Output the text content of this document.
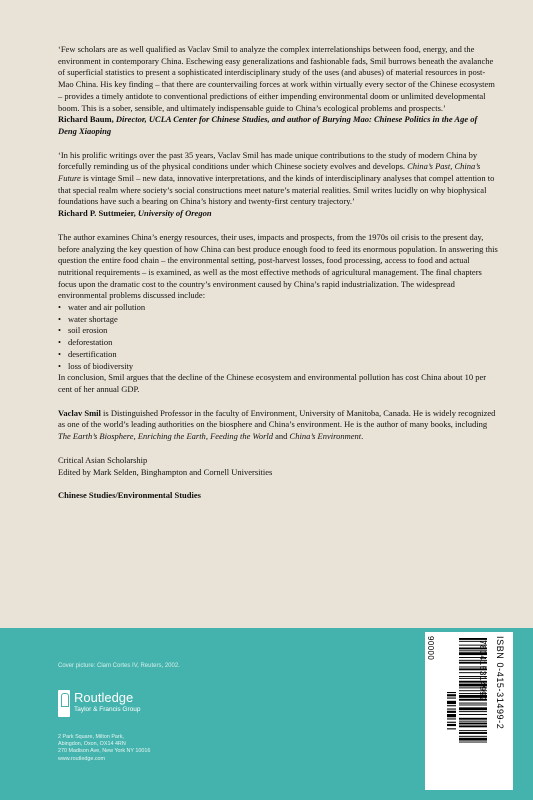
‘Few scholars are as well qualified as Vaclav Smil to analyze the complex interrelationships between food, energy, and the environment in contemporary China. Eschewing easy generalizations and fashionable fads, Smil burrows beneath the avalanche of superficial statistics to present a sophisticated interdisciplinary study of the uses (and abuses) of material resources in post-Mao China. His key finding – that there are countervailing forces at work within virtually every sector of the Chinese ecosystem – provides a timely antidote to conventional predictions of either impending environmental doom or unlimited developmental boom. This is a sober, sensible, and ultimately indispensable guide to China’s ecological problems and prospects.’

Richard Baum, Director, UCLA Center for Chinese Studies, and author of Burying Mao: Chinese Politics in the Age of Deng Xiaoping

‘In his prolific writings over the past 35 years, Vaclav Smil has made unique contributions to the study of modern China by forcefully reminding us of the physical conditions under which Chinese society evolves and develops. China’s Past, China’s Future is vintage Smil – new data, innovative interpretations, and the kinds of interdisciplinary analyses that compel attention to that special realm where society’s social constructions meet nature’s material realities. Smil writes lucidly on why biophysical foundations have such a bearing on China’s history and twenty-first century trajectory.’

Richard P. Suttmeier, University of Oregon

The author examines China’s energy resources, their uses, impacts and prospects, from the 1970s oil crisis to the present day, before analyzing the key question of how China can best produce enough food to feed its enormous population. In answering this question the entire food chain – the environmental setting, post-harvest losses, food processing, access to food and actual nutritional requirements – is examined, as well as the most effective methods of agricultural management. The final chapters focus upon the dramatic cost to the country’s environment caused by China’s rapid industrialization. The widespread environmental problems discussed include:

• water and air pollution
• water shortage
• soil erosion
• deforestation
• desertification
• loss of biodiversity

In conclusion, Smil argues that the decline of the Chinese ecosystem and environmental pollution has cost China about 10 per cent of her annual GDP.

Vaclav Smil is Distinguished Professor in the faculty of Environment, University of Manitoba, Canada. He is widely recognized as one of the world’s leading authorities on the biosphere and China’s environment. He is the author of many books, including The Earth’s Biosphere, Enriching the Earth, Feeding the World and China’s Environment.

Critical Asian Scholarship

Edited by Mark Selden, Binghampton and Cornell Universities

Chinese Studies/Environmental Studies

Cover picture: Clam Cortes IV, Reuters, 2002.
Routledge
Taylor & Francis Group
2 Park Square, Milton Park,
Abingdon, Oxon, OX14 4RN
270 Madison Ave, New York NY 10016
www.routledge.com
ISBN 0-415-31499-2
780415314992
90000
